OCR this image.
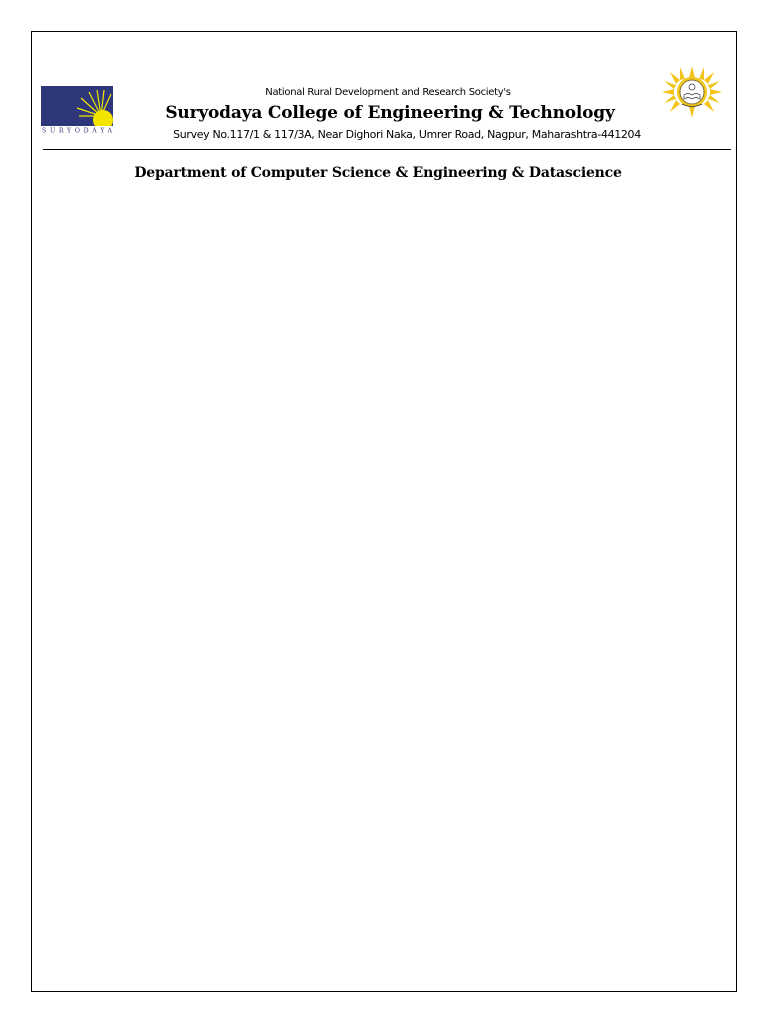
SURYODAYA
National Rural Development and Research Society's
Suryodaya College of Engineering & Technology
Survey No.117/1 & 117/3A, Near Dighori Naka, Umrer Road, Nagpur, Maharashtra-441204
Department of Computer Science & Engineering & Datascience
